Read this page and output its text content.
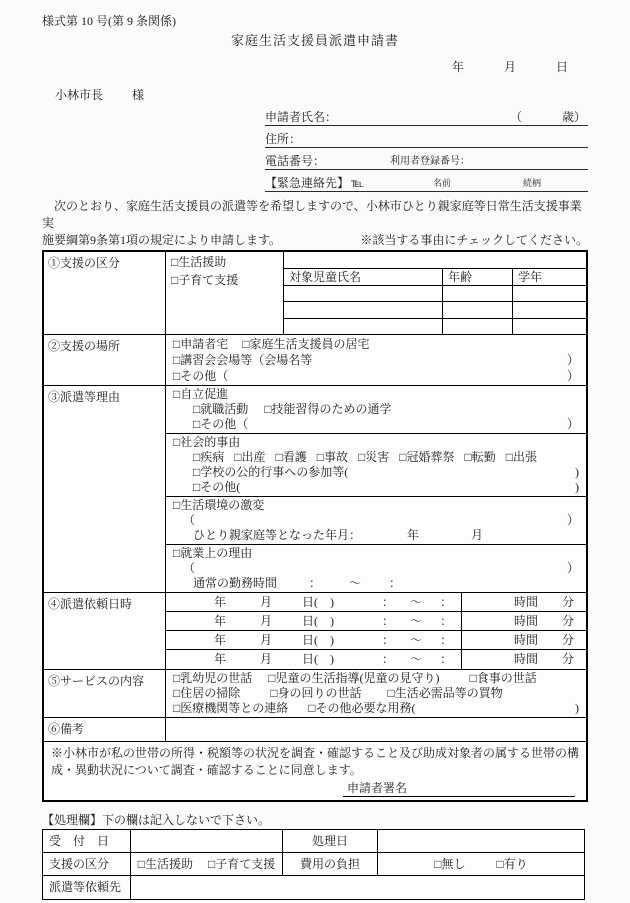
様式第 10 号(第 9 条関係)
家庭生活支援員派遣申請書
年	月	日
小林市長 様
申請者氏名：	（	歳）
住所：
電話番号：	利用者登録番号：
【緊急連絡先】 ℡	名前	続柄
　次のとおり、家庭生活支援員の派遣等を希望しますので、小林市ひとり親家庭等日常生活支援事業実
施要綱第9条第1項の規定により申請します。	※該当する事由にチェックしてください。
①支援の区分	□生活援助
□子育て支援	対象児童氏名	年齢	学年
②支援の場所	□申請者宅 □家庭生活支援員の居宅
□講習会会場等（会場名等	）
□その他（	）
③派遣等理由	□自立促進
□就職活動 □技能習得のための通学
□その他（	）
□社会的事由
□疾病 □出産 □看護 □事故 □災害 □冠婚葬祭 □転勤 □出張
□学校の公的行事への参加等(	)
□その他(	)
□生活環境の激変
（	）
ひとり親家庭等となった年月：	年	月
□就業上の理由
（	）
通常の勤務時間	： 〜 ：
④派遣依頼日時	年	月	日(　)	： 〜 ：	時間 分
年	月	日(　)	： 〜 ：	時間 分
年	月	日(　)	： 〜 ：	時間 分
年	月	日(　)	： 〜 ：	時間 分
⑤サービスの内容	□乳幼児の世話 □児童の生活指導(児童の見守り)	□食事の世話
□住居の掃除	□身の回りの世話 □生活必需品等の買物
□医療機関等との連絡 □その他必要な用務(	)
⑥備考
※小林市が私の世帯の所得・税額等の状況を調査・確認すること及び助成対象者の属する世帯の構成・異動状況について調査・確認することに同意します。
申請者署名
【処理欄】下の欄は記入しないで下さい。
受　付　日	処理日
支援の区分	□生活援助 □子育て支援	費用の負担	□無し	□有り
派遣等依頼先
